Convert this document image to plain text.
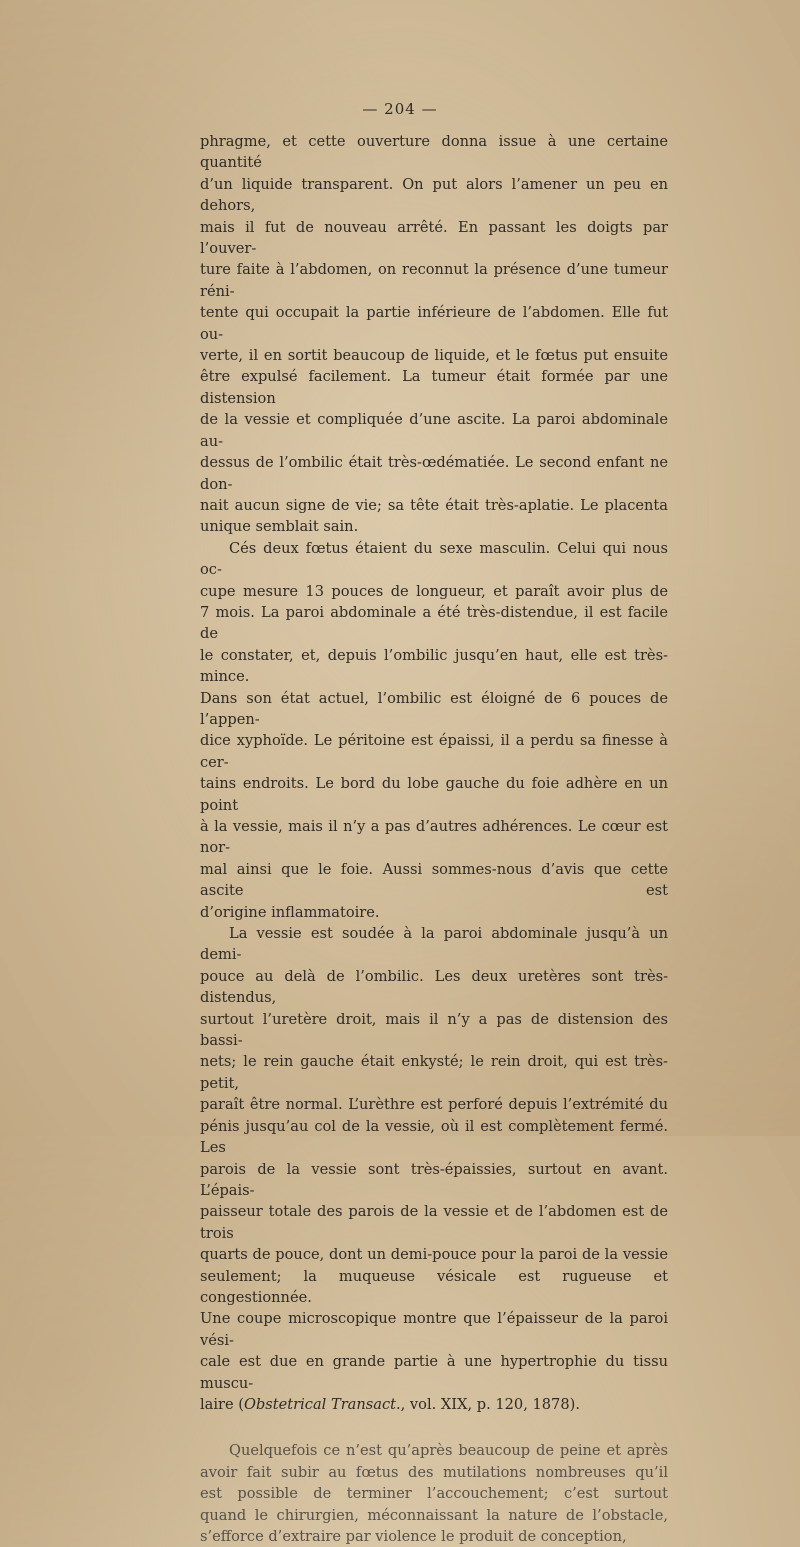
— 204 —

phragme, et cette ouverture donna issue à une certaine quantité

d’un liquide transparent. On put alors l’amener un peu en dehors,

mais il fut de nouveau arrêté. En passant les doigts par l’ouver-

ture faite à l’abdomen, on reconnut la présence d’une tumeur réni-

tente qui occupait la partie inférieure de l’abdomen. Elle fut ou-

verte, il en sortit beaucoup de liquide, et le fœtus put ensuite

être expulsé facilement. La tumeur était formée par une distension

de la vessie et compliquée d’une ascite. La paroi abdominale au-

dessus de l’ombilic était très-œdématiée. Le second enfant ne don-

nait aucun signe de vie; sa tête était très-aplatie. Le placenta

unique semblait sain.

Cés deux fœtus étaient du sexe masculin. Celui qui nous oc-

cupe mesure 13 pouces de longueur, et paraît avoir plus de

7 mois. La paroi abdominale a été très-distendue, il est facile de

le constater, et, depuis l’ombilic jusqu’en haut, elle est très-mince.

Dans son état actuel, l’ombilic est éloigné de 6 pouces de l’appen-

dice xyphoïde. Le péritoine est épaissi, il a perdu sa finesse à cer-

tains endroits. Le bord du lobe gauche du foie adhère en un point

à la vessie, mais il n’y a pas d’autres adhérences. Le cœur est nor-

mal ainsi que le foie. Aussi sommes-nous d’avis que cette ascite est

d’origine inflammatoire.

La vessie est soudée à la paroi abdominale jusqu’à un demi-

pouce au delà de l’ombilic. Les deux uretères sont très-distendus,

surtout l’uretère droit, mais il n’y a pas de distension des bassi-

nets; le rein gauche était enkysté; le rein droit, qui est très-petit,

paraît être normal. L’urèthre est perforé depuis l’extrémité du

pénis jusqu’au col de la vessie, où il est complètement fermé. Les

parois de la vessie sont très-épaissies, surtout en avant. L’épais-

paisseur totale des parois de la vessie et de l’abdomen est de trois

quarts de pouce, dont un demi-pouce pour la paroi de la vessie

seulement; la muqueuse vésicale est rugueuse et congestionnée.

Une coupe microscopique montre que l’épaisseur de la paroi vési-

cale est due en grande partie à une hypertrophie du tissu muscu-

laire (Obstetrical Transact., vol. XIX, p. 120, 1878).

Quelquefois ce n’est qu’après beaucoup de peine et après

avoir fait subir au fœtus des mutilations nombreuses qu’il

est possible de terminer l’accouchement; c’est surtout

quand le chirurgien, méconnaissant la nature de l’obstacle,

s’efforce d’extraire par violence le produit de conception,
